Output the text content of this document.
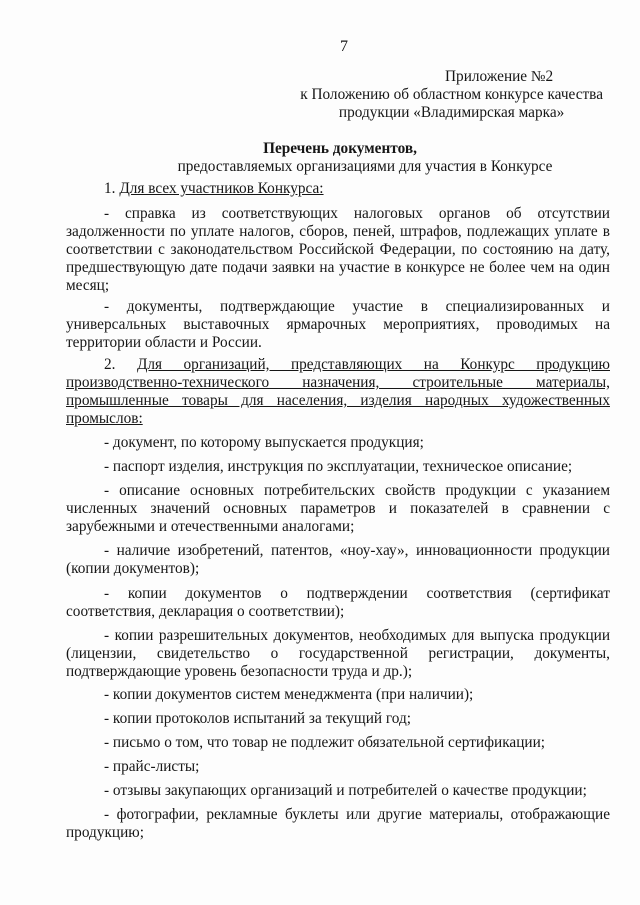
7
Приложение №2
к Положению об областном конкурсе качества
продукции «Владимирская марка»
Перечень документов,
предоставляемых организациями для участия в Конкурсе

1. Для всех участников Конкурса:

- справка из соответствующих налоговых органов об отсутствии задолженности по уплате налогов, сборов, пеней, штрафов, подлежащих уплате в соответствии с законодательством Российской Федерации, по состоянию на дату, предшествующую дате подачи заявки на участие в конкурсе не более чем на один месяц;

- документы, подтверждающие участие в специализированных и универсальных выставочных ярмарочных мероприятиях, проводимых на территории области и России.

2. Для организаций, представляющих на Конкурс продукцию производственно-технического назначения, строительные материалы, промышленные товары для населения, изделия народных художественных промыслов:

- документ, по которому выпускается продукция;

- паспорт изделия, инструкция по эксплуатации, техническое описание;

- описание основных потребительских свойств продукции с указанием численных значений основных параметров и показателей в сравнении с зарубежными и отечественными аналогами;

- наличие изобретений, патентов, «ноу-хау», инновационности продукции (копии документов);

- копии документов о подтверждении соответствия (сертификат соответствия, декларация о соответствии);

- копии разрешительных документов, необходимых для выпуска продукции (лицензии, свидетельство о государственной регистрации, документы, подтверждающие уровень безопасности труда и др.);

- копии документов систем менеджмента (при наличии);

- копии протоколов испытаний за текущий год;

- письмо о том, что товар не подлежит обязательной сертификации;

- прайс-листы;

- отзывы закупающих организаций и потребителей о качестве продукции;

- фотографии, рекламные буклеты или другие материалы, отображающие продукцию;
